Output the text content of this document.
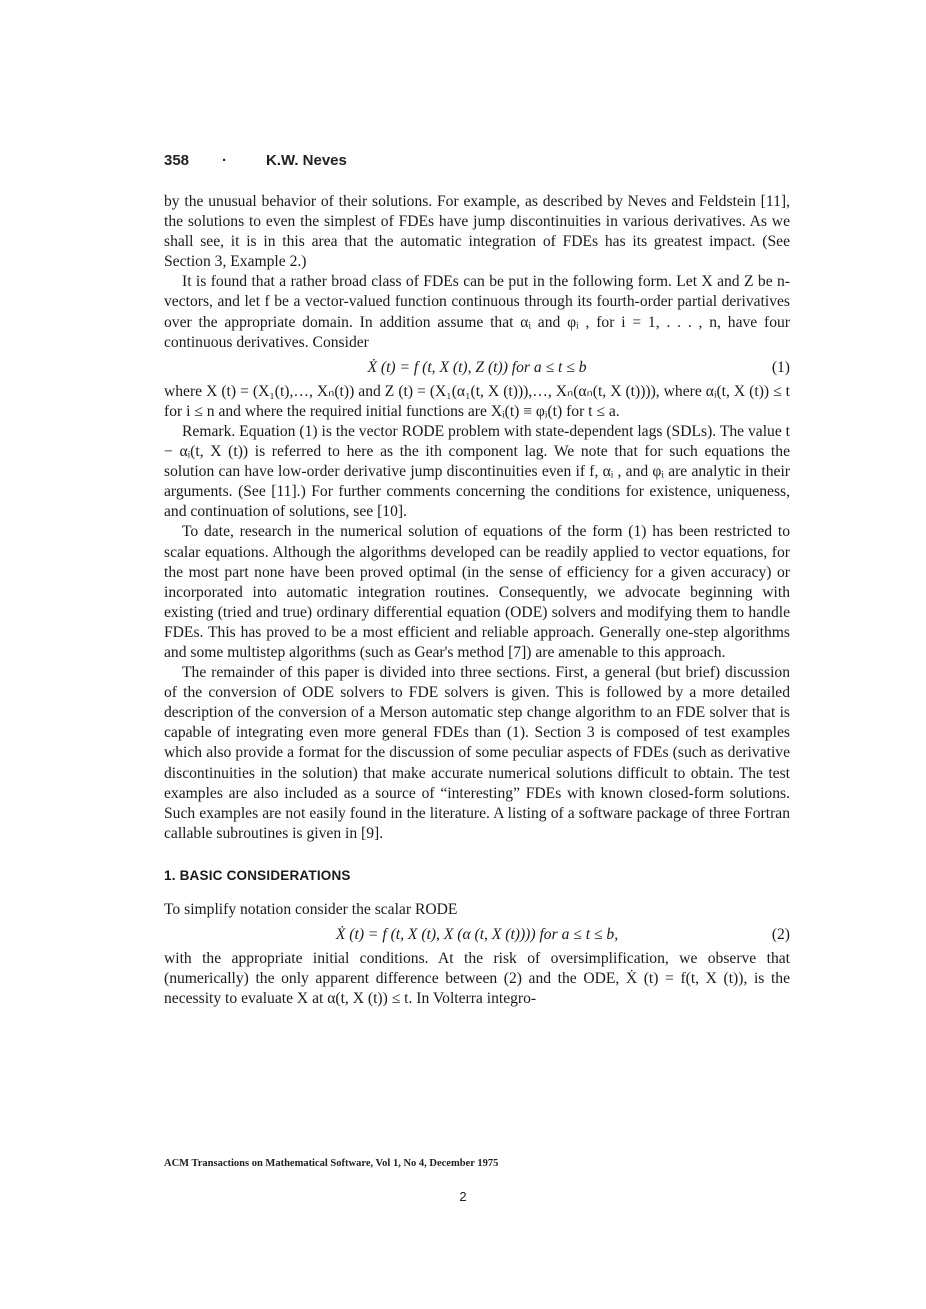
358 ·	K.W. Neves

by the unusual behavior of their solutions. For example, as described by Neves and Feldstein [11], the solutions to even the simplest of FDEs have jump discontinuities in various derivatives. As we shall see, it is in this area that the automatic integration of FDEs has its greatest impact. (See Section 3, Example 2.)

It is found that a rather broad class of FDEs can be put in the following form. Let X and Z be n-vectors, and let f be a vector-valued function continuous through its fourth-order partial derivatives over the appropriate domain. In addition assume that αᵢ and φᵢ , for i = 1, . . . , n, have four continuous derivatives. Consider

Ẋ (t) = f (t, X (t), Z (t)) for a ≤ t ≤ b	(1)

where X (t) = (X₁(t),…, Xₙ(t)) and Z (t) = (X₁(α₁(t, X (t))),…, Xₙ(αₙ(t, X (t)))), where αᵢ(t, X (t)) ≤ t for i ≤ n and where the required initial functions are Xᵢ(t) ≡ φᵢ(t) for t ≤ a.

Remark. Equation (1) is the vector RODE problem with state-dependent lags (SDLs). The value t − αᵢ(t, X (t)) is referred to here as the ith component lag. We note that for such equations the solution can have low-order derivative jump discontinuities even if f, αᵢ , and φᵢ are analytic in their arguments. (See [11].) For further comments concerning the conditions for existence, uniqueness, and continuation of solutions, see [10].

To date, research in the numerical solution of equations of the form (1) has been restricted to scalar equations. Although the algorithms developed can be readily applied to vector equations, for the most part none have been proved optimal (in the sense of efficiency for a given accuracy) or incorporated into automatic integration routines. Consequently, we advocate beginning with existing (tried and true) ordinary differential equation (ODE) solvers and modifying them to handle FDEs. This has proved to be a most efficient and reliable approach. Generally one-step algorithms and some multistep algorithms (such as Gear's method [7]) are amenable to this approach.

The remainder of this paper is divided into three sections. First, a general (but brief) discussion of the conversion of ODE solvers to FDE solvers is given. This is followed by a more detailed description of the conversion of a Merson automatic step change algorithm to an FDE solver that is capable of integrating even more general FDEs than (1). Section 3 is composed of test examples which also provide a format for the discussion of some peculiar aspects of FDEs (such as derivative discontinuities in the solution) that make accurate numerical solutions difficult to obtain. The test examples are also included as a source of “interesting” FDEs with known closed-form solutions. Such examples are not easily found in the literature. A listing of a software package of three Fortran callable subroutines is given in [9].

1. BASIC CONSIDERATIONS

To simplify notation consider the scalar RODE

Ẋ (t) = f (t, X (t), X (α (t, X (t)))) for a ≤ t ≤ b,	(2)

with the appropriate initial conditions. At the risk of oversimplification, we observe that (numerically) the only apparent difference between (2) and the ODE, Ẋ (t) = f(t, X (t)), is the necessity to evaluate X at α(t, X (t)) ≤ t. In Volterra integro-

ACM Transactions on Mathematical Software, Vol 1, No 4, December 1975
2
